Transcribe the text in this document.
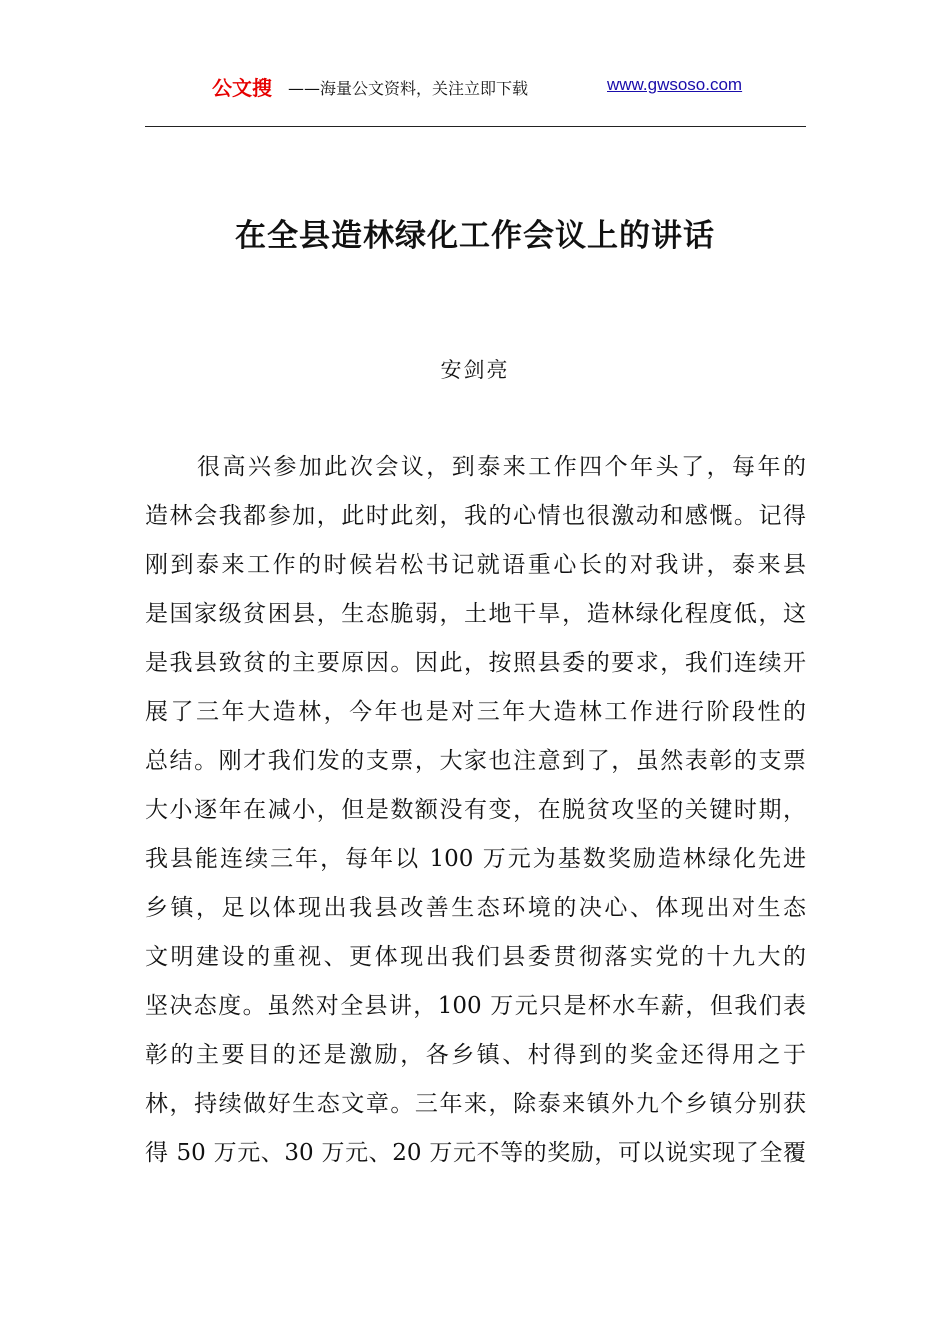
公文搜 ——海量公文资料，关注立即下载	www.gwsoso.com
在全县造林绿化工作会议上的讲话
安剑亮
很高兴参加此次会议，到泰来工作四个年头了，每年的
造林会我都参加，此时此刻，我的心情也很激动和感慨。记得
刚到泰来工作的时候岩松书记就语重心长的对我讲，泰来县
是国家级贫困县，生态脆弱，土地干旱，造林绿化程度低，这
是我县致贫的主要原因。因此，按照县委的要求，我们连续开
展了三年大造林，今年也是对三年大造林工作进行阶段性的
总结。刚才我们发的支票，大家也注意到了，虽然表彰的支票
大小逐年在减小，但是数额没有变，在脱贫攻坚的关键时期，
我县能连续三年，每年以 100 万元为基数奖励造林绿化先进
乡镇，足以体现出我县改善生态环境的决心、体现出对生态
文明建设的重视、更体现出我们县委贯彻落实党的十九大的
坚决态度。虽然对全县讲，100 万元只是杯水车薪，但我们表
彰的主要目的还是激励，各乡镇、村得到的奖金还得用之于
林，持续做好生态文章。三年来，除泰来镇外九个乡镇分别获
得 50 万元、30 万元、20 万元不等的奖励，可以说实现了全覆
